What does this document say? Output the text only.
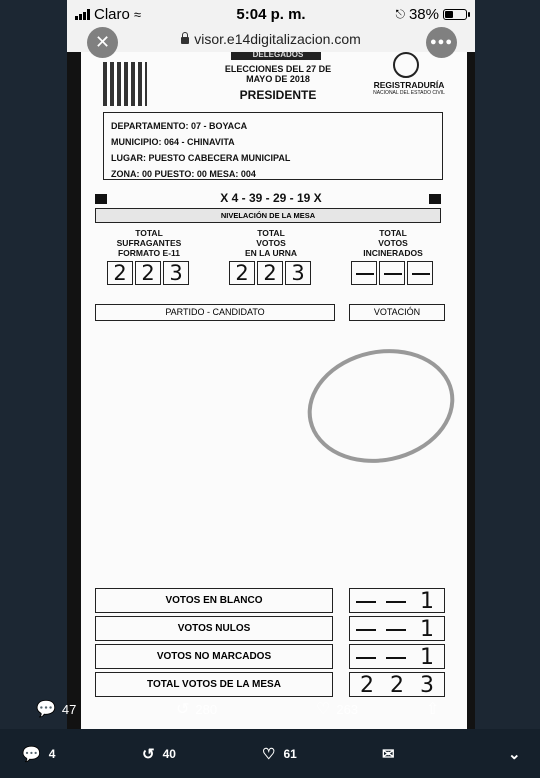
Claro ≈	5:04 p. m.	⎋ 38%
visor.e14digitalizacion.com
DELEGADOS
ELECCIONES DEL 27 DE
MAYO DE 2018
PRESIDENTE
REGISTRADURÍA
NACIONAL DEL ESTADO CIVIL
DEPARTAMENTO: 07 - BOYACA
MUNICIPIO: 064 - CHINAVITA
LUGAR: PUESTO CABECERA MUNICIPAL
ZONA: 00 PUESTO: 00 MESA: 004
X 4 - 39 - 29 - 19 X
NIVELACIÓN DE LA MESA
TOTAL
SUFRAGANTES
FORMATO E-11
2 2 3
TOTAL
VOTOS
EN LA URNA
2 2 3
TOTAL
VOTOS
INCINERADOS
PARTIDO - CANDIDATO	VOTACIÓN
VOTOS EN BLANCO	1
VOTOS NULOS	1
VOTOS NO MARCADOS	1
TOTAL VOTOS DE LA MESA	2 2 3
✕	●●●
💬 47	↺ 280	♡ 263	⇧
💬 4	↺ 40	♡ 61	✉	⌄
